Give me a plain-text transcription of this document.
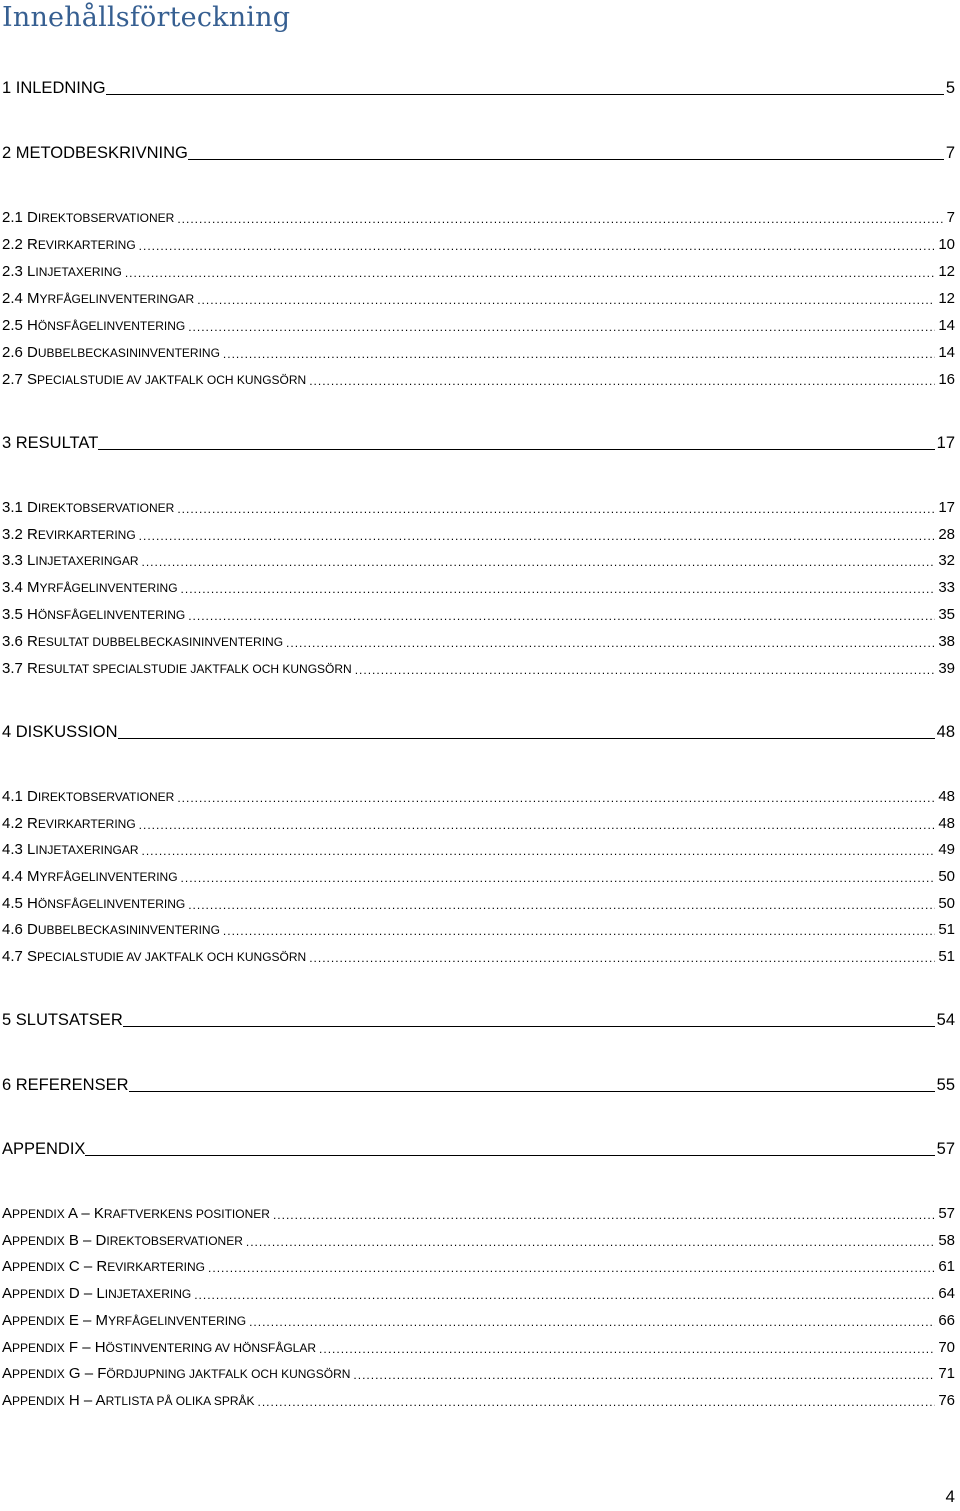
Innehållsförteckning
1 INLEDNING	5
2 METODBESKRIVNING	7
2.1 DIREKTOBSERVATIONER .....	7
2.2 REVIRKARTERING .....	10
2.3 LINJETAXERING .....	12
2.4 MYRFÅGELINVENTERINGAR .....	12
2.5 HÖNSFÅGELINVENTERING .....	14
2.6 DUBBELBECKASININVENTERING .....	14
2.7 SPECIALSTUDIE AV JAKTFALK OCH KUNGSÖRN .....	16
3 RESULTAT	17
3.1 DIREKTOBSERVATIONER .....	17
3.2 REVIRKARTERING .....	28
3.3 LINJETAXERINGAR .....	32
3.4 MYRFÅGELINVENTERING .....	33
3.5 HÖNSFÅGELINVENTERING .....	35
3.6 RESULTAT DUBBELBECKASININVENTERING .....	38
3.7 RESULTAT SPECIALSTUDIE JAKTFALK OCH KUNGSÖRN .....	39
4 DISKUSSION	48
4.1 DIREKTOBSERVATIONER .....	48
4.2 REVIRKARTERING .....	48
4.3 LINJETAXERINGAR .....	49
4.4 MYRFÅGELINVENTERING .....	50
4.5 HÖNSFÅGELINVENTERING .....	50
4.6 DUBBELBECKASININVENTERING .....	51
4.7 SPECIALSTUDIE AV JAKTFALK OCH KUNGSÖRN .....	51
5 SLUTSATSER	54
6 REFERENSER	55
APPENDIX	57
APPENDIX A – KRAFTVERKENS POSITIONER .....	57
APPENDIX B – DIREKTOBSERVATIONER .....	58
APPENDIX C – REVIRKARTERING .....	61
APPENDIX D – LINJETAXERING .....	64
APPENDIX E – MYRFÅGELINVENTERING .....	66
APPENDIX F – HÖSTINVENTERING AV HÖNSFÅGLAR .....	70
APPENDIX G – FÖRDJUPNING JAKTFALK OCH KUNGSÖRN .....	71
APPENDIX H – ARTLISTA PÅ OLIKA SPRÅK .....	76
4
